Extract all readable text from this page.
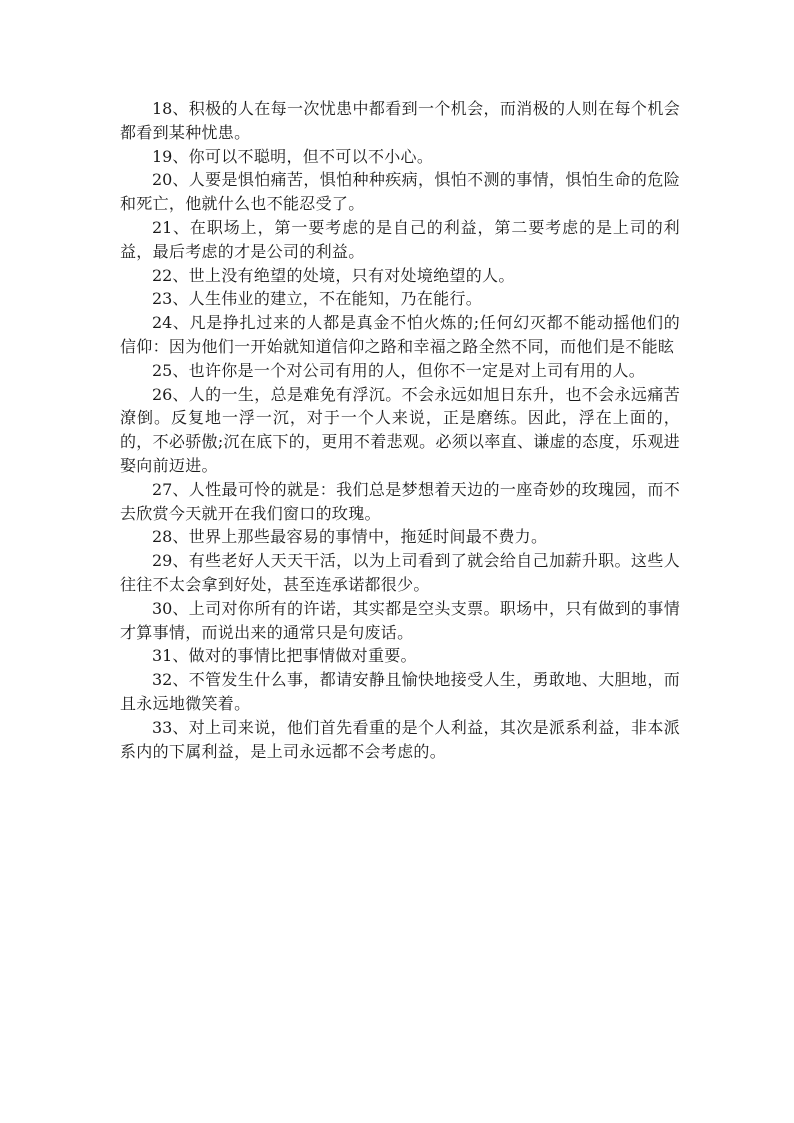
18、积极的人在每一次忧患中都看到一个机会，而消极的人则在每个机会都看到某种忧患。

19、你可以不聪明，但不可以不小心。

20、人要是惧怕痛苦，惧怕种种疾病，惧怕不测的事情，惧怕生命的危险和死亡，他就什么也不能忍受了。

21、在职场上，第一要考虑的是自己的利益，第二要考虑的是上司的利益，最后考虑的才是公司的利益。

22、世上没有绝望的处境，只有对处境绝望的人。

23、人生伟业的建立，不在能知，乃在能行。

24、凡是挣扎过来的人都是真金不怕火炼的;任何幻灭都不能动摇他们的信仰：因为他们一开始就知道信仰之路和幸福之路全然不同，而他们是不能眩

25、也许你是一个对公司有用的人，但你不一定是对上司有用的人。

26、人的一生，总是难免有浮沉。不会永远如旭日东升，也不会永远痛苦潦倒。反复地一浮一沉，对于一个人来说，正是磨练。因此，浮在上面的，的，不必骄傲;沉在底下的，更用不着悲观。必须以率直、谦虚的态度，乐观进娶向前迈进。

27、人性最可怜的就是：我们总是梦想着天边的一座奇妙的玫瑰园，而不去欣赏今天就开在我们窗口的玫瑰。

28、世界上那些最容易的事情中，拖延时间最不费力。

29、有些老好人天天干活，以为上司看到了就会给自己加薪升职。这些人往往不太会拿到好处，甚至连承诺都很少。

30、上司对你所有的许诺，其实都是空头支票。职场中，只有做到的事情才算事情，而说出来的通常只是句废话。

31、做对的事情比把事情做对重要。

32、不管发生什么事，都请安静且愉快地接受人生，勇敢地、大胆地，而且永远地微笑着。

33、对上司来说，他们首先看重的是个人利益，其次是派系利益，非本派系内的下属利益，是上司永远都不会考虑的。
